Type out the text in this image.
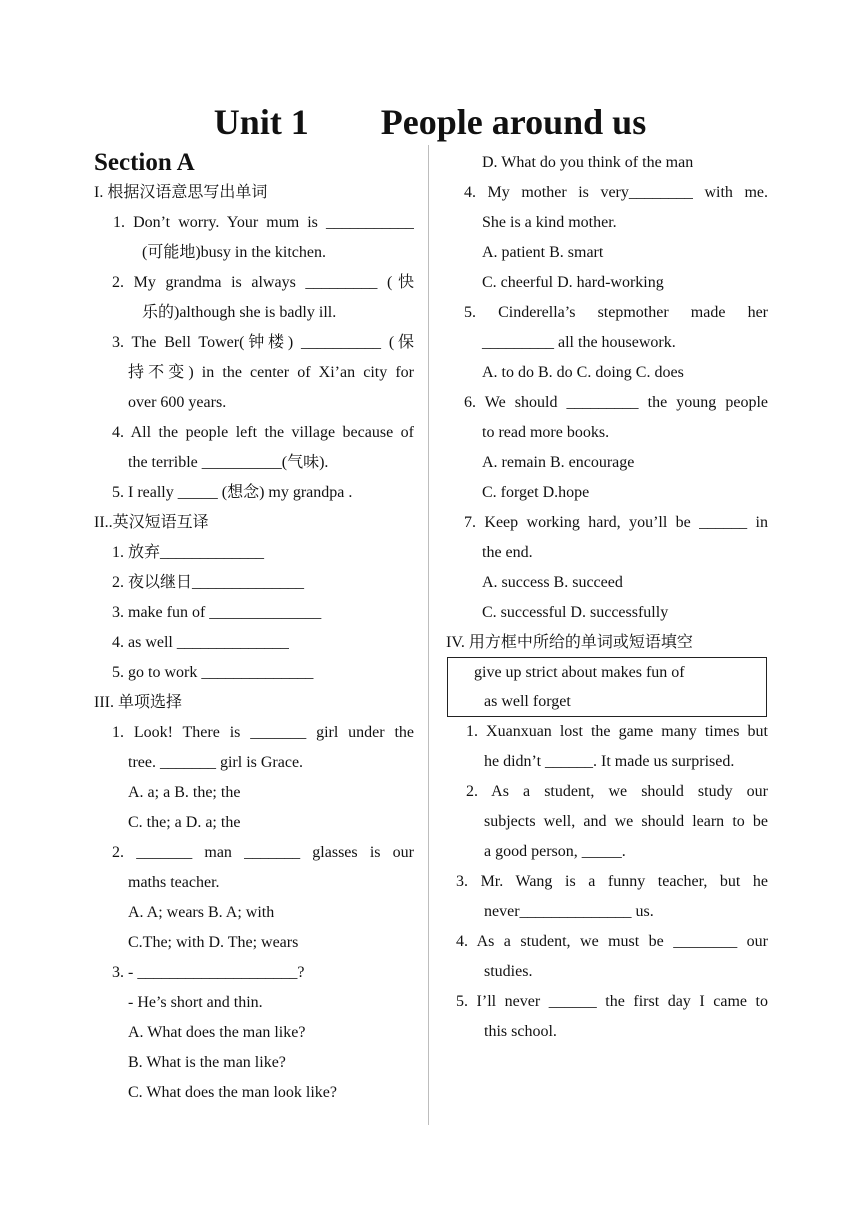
Unit 1        People around us
Section A
I. 根据汉语意思写出单词
1. Don’t worry. Your mum is ___________
(可能地)busy in the kitchen.
2. My grandma is always _________ (快
乐的)although she is badly ill.
3. The Bell Tower(钟楼) __________ (保
持不变) in the center of Xi’an city for
over 600 years.
4. All the people left the village because of
the terrible __________(气味).
5. I really _____ (想念) my grandpa .
II..英汉短语互译
1. 放弃_____________
2. 夜以继日______________
3. make fun of ______________
4. as well ______________
5. go to work ______________
III. 单项选择
1. Look! There is _______ girl under the
tree. _______ girl is Grace.
A. a; a B. the; the
C. the; a D. a; the
2. _______ man _______ glasses is our
maths teacher.
A. A; wears B. A; with
C.The; with D. The; wears
3. - ____________________?
- He’s short and thin.
A. What does the man like?
B. What is the man like?
C. What does the man look like?
D. What do you think of the man
4. My mother is very________ with me.
She is a kind mother.
A. patient B. smart
C. cheerful D. hard-working
5. Cinderella’s stepmother made her
_________ all the housework.
A. to do B. do C. doing C. does
6. We should _________ the young people
to read more books.
A. remain B. encourage
C. forget D.hope
7. Keep working hard, you’ll be ______ in
the end.
A. success B. succeed
C. successful D. successfully
IV. 用方框中所给的单词或短语填空
give up strict about makes fun of
as well forget
1. Xuanxuan lost the game many times but
he didn’t ______. It made us surprised.
2. As a student, we should study our
subjects well, and we should learn to be
a good person, _____.
3. Mr. Wang is a funny teacher, but he
never______________ us.
4. As a student, we must be ________ our
studies.
5. I’ll never ______ the first day I came to
this school.
